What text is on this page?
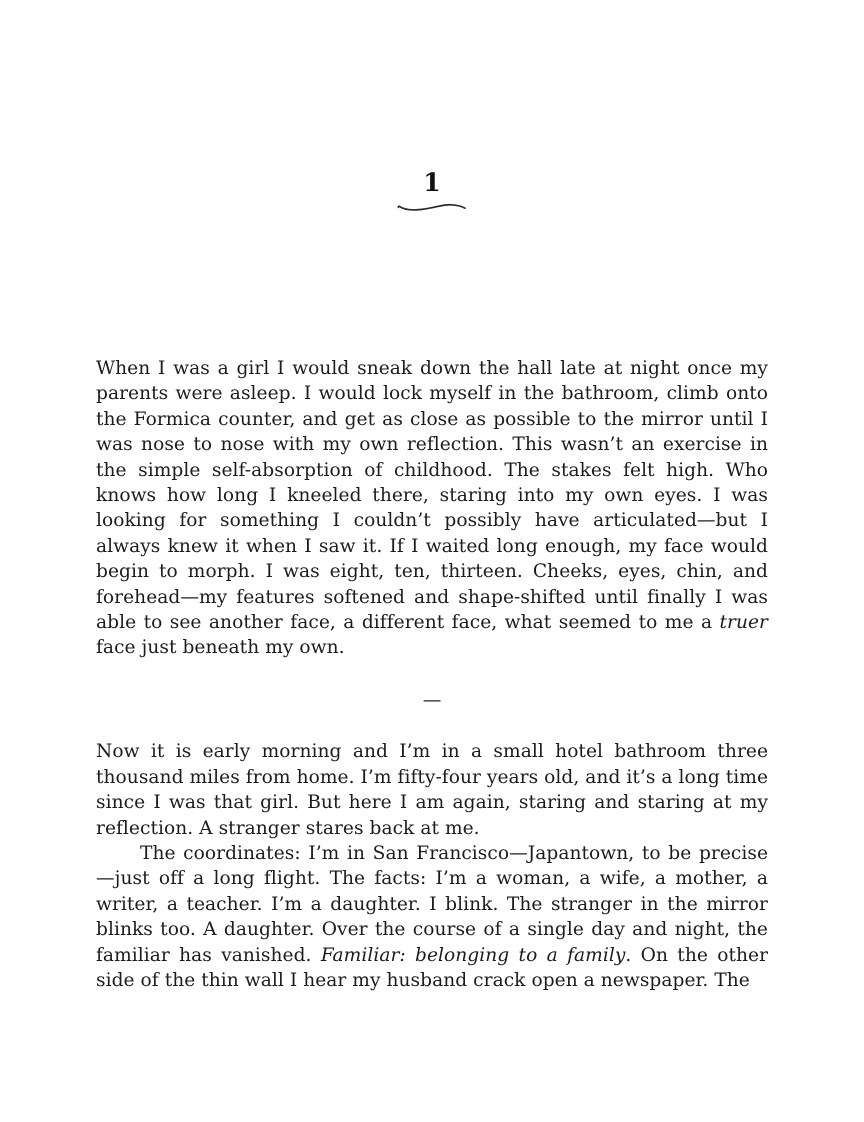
1

When I was a girl I would sneak down the hall late at night once my parents were asleep. I would lock myself in the bathroom, climb onto the Formica counter, and get as close as possible to the mirror until I was nose to nose with my own reflection. This wasn’t an exercise in the simple self-absorption of childhood. The stakes felt high. Who knows how long I kneeled there, staring into my own eyes. I was looking for something I couldn’t possibly have articulated—but I always knew it when I saw it. If I waited long enough, my face would begin to morph. I was eight, ten, thirteen. Cheeks, eyes, chin, and forehead—my features softened and shape-shifted until finally I was able to see another face, a different face, what seemed to me a truer face just beneath my own.

—

Now it is early morning and I’m in a small hotel bathroom three thousand miles from home. I’m fifty-four years old, and it’s a long time since I was that girl. But here I am again, staring and staring at my reflection. A stranger stares back at me.

The coordinates: I’m in San Francisco—Japantown, to be precise—just off a long flight. The facts: I’m a woman, a wife, a mother, a writer, a teacher. I’m a daughter. I blink. The stranger in the mirror blinks too. A daughter. Over the course of a single day and night, the familiar has vanished. Familiar: belonging to a family. On the other side of the thin wall I hear my husband crack open a newspaper. The
